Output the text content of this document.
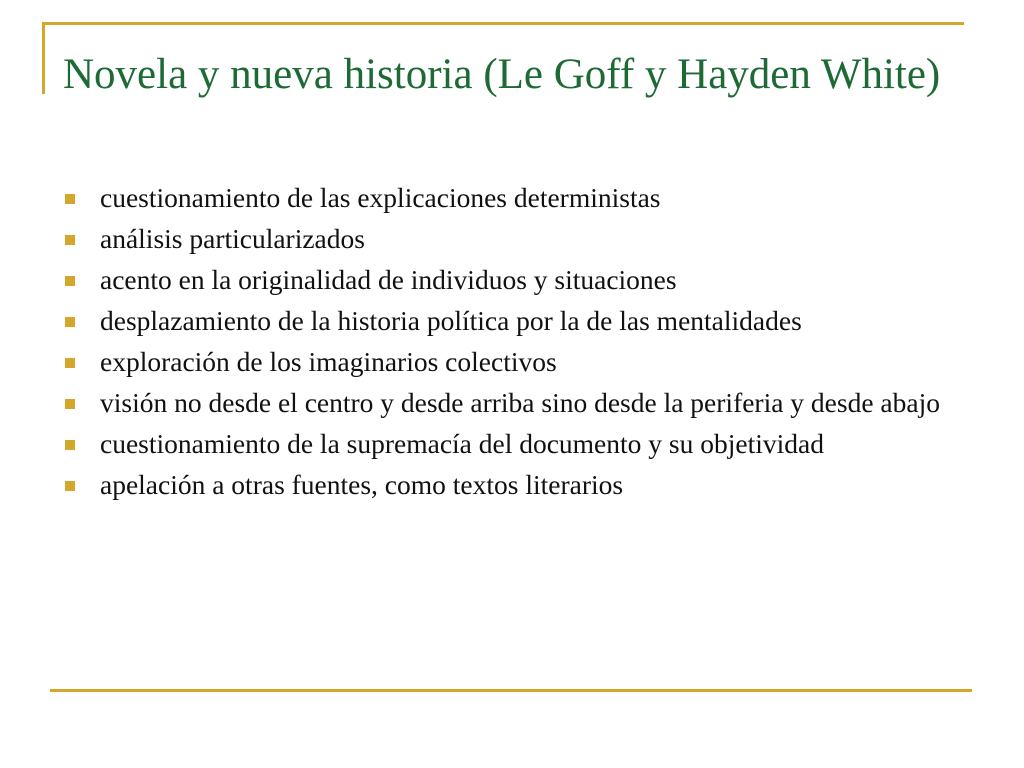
Novela y nueva historia (Le Goff y Hayden White)
cuestionamiento de las explicaciones deterministas
análisis particularizados
acento en la originalidad de individuos y situaciones
desplazamiento de la historia política por la de las mentalidades
exploración de los imaginarios colectivos
visión no desde el centro y desde arriba sino desde la periferia y desde abajo
cuestionamiento de la supremacía del documento y su objetividad
apelación a otras fuentes, como textos literarios
